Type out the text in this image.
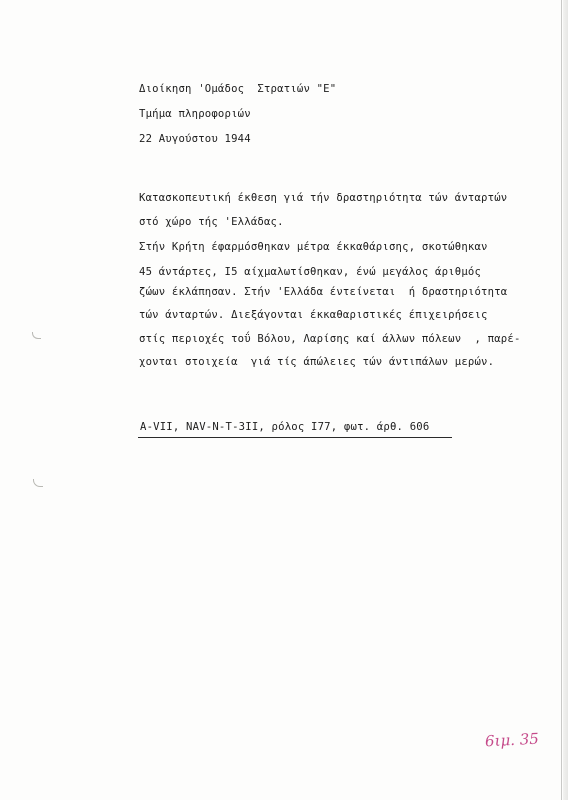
Διοίκηση 'Ομάδος  Στρατιών "Ε"
Τμήμα πληροφοριών
22 Αυγούστου 1944
Κατασκοπευτική έκθεση γιά τήν δραστηριότητα τών άνταρτών
στό χώρο τής 'Ελλάδας.
Στήν Κρήτη έφαρμόσθηκαν μέτρα έκκαθάρισης, σκοτώθηκαν
45 άντάρτες, I5 αίχμαλωτίσθηκαν, ένώ μεγάλος άριθμός
ζώων έκλάπησαν. Στήν 'Ελλάδα έντείνεται  ή δραστηριότητα
τών άνταρτών. Διεξάγονται έκκαθαριστικές έπιχειρήσεις
στίς περιοχές τοΰ Βόλου, Λαρίσης καί άλλων πόλεων  , παρέ-
χονται στοιχεία  γιά τίς άπώλειες τών άντιπάλων μερών.
A-VII, NAV-N-T-3II, ρόλος I77, φωτ. άρθ. 606
6ιμ. 35
